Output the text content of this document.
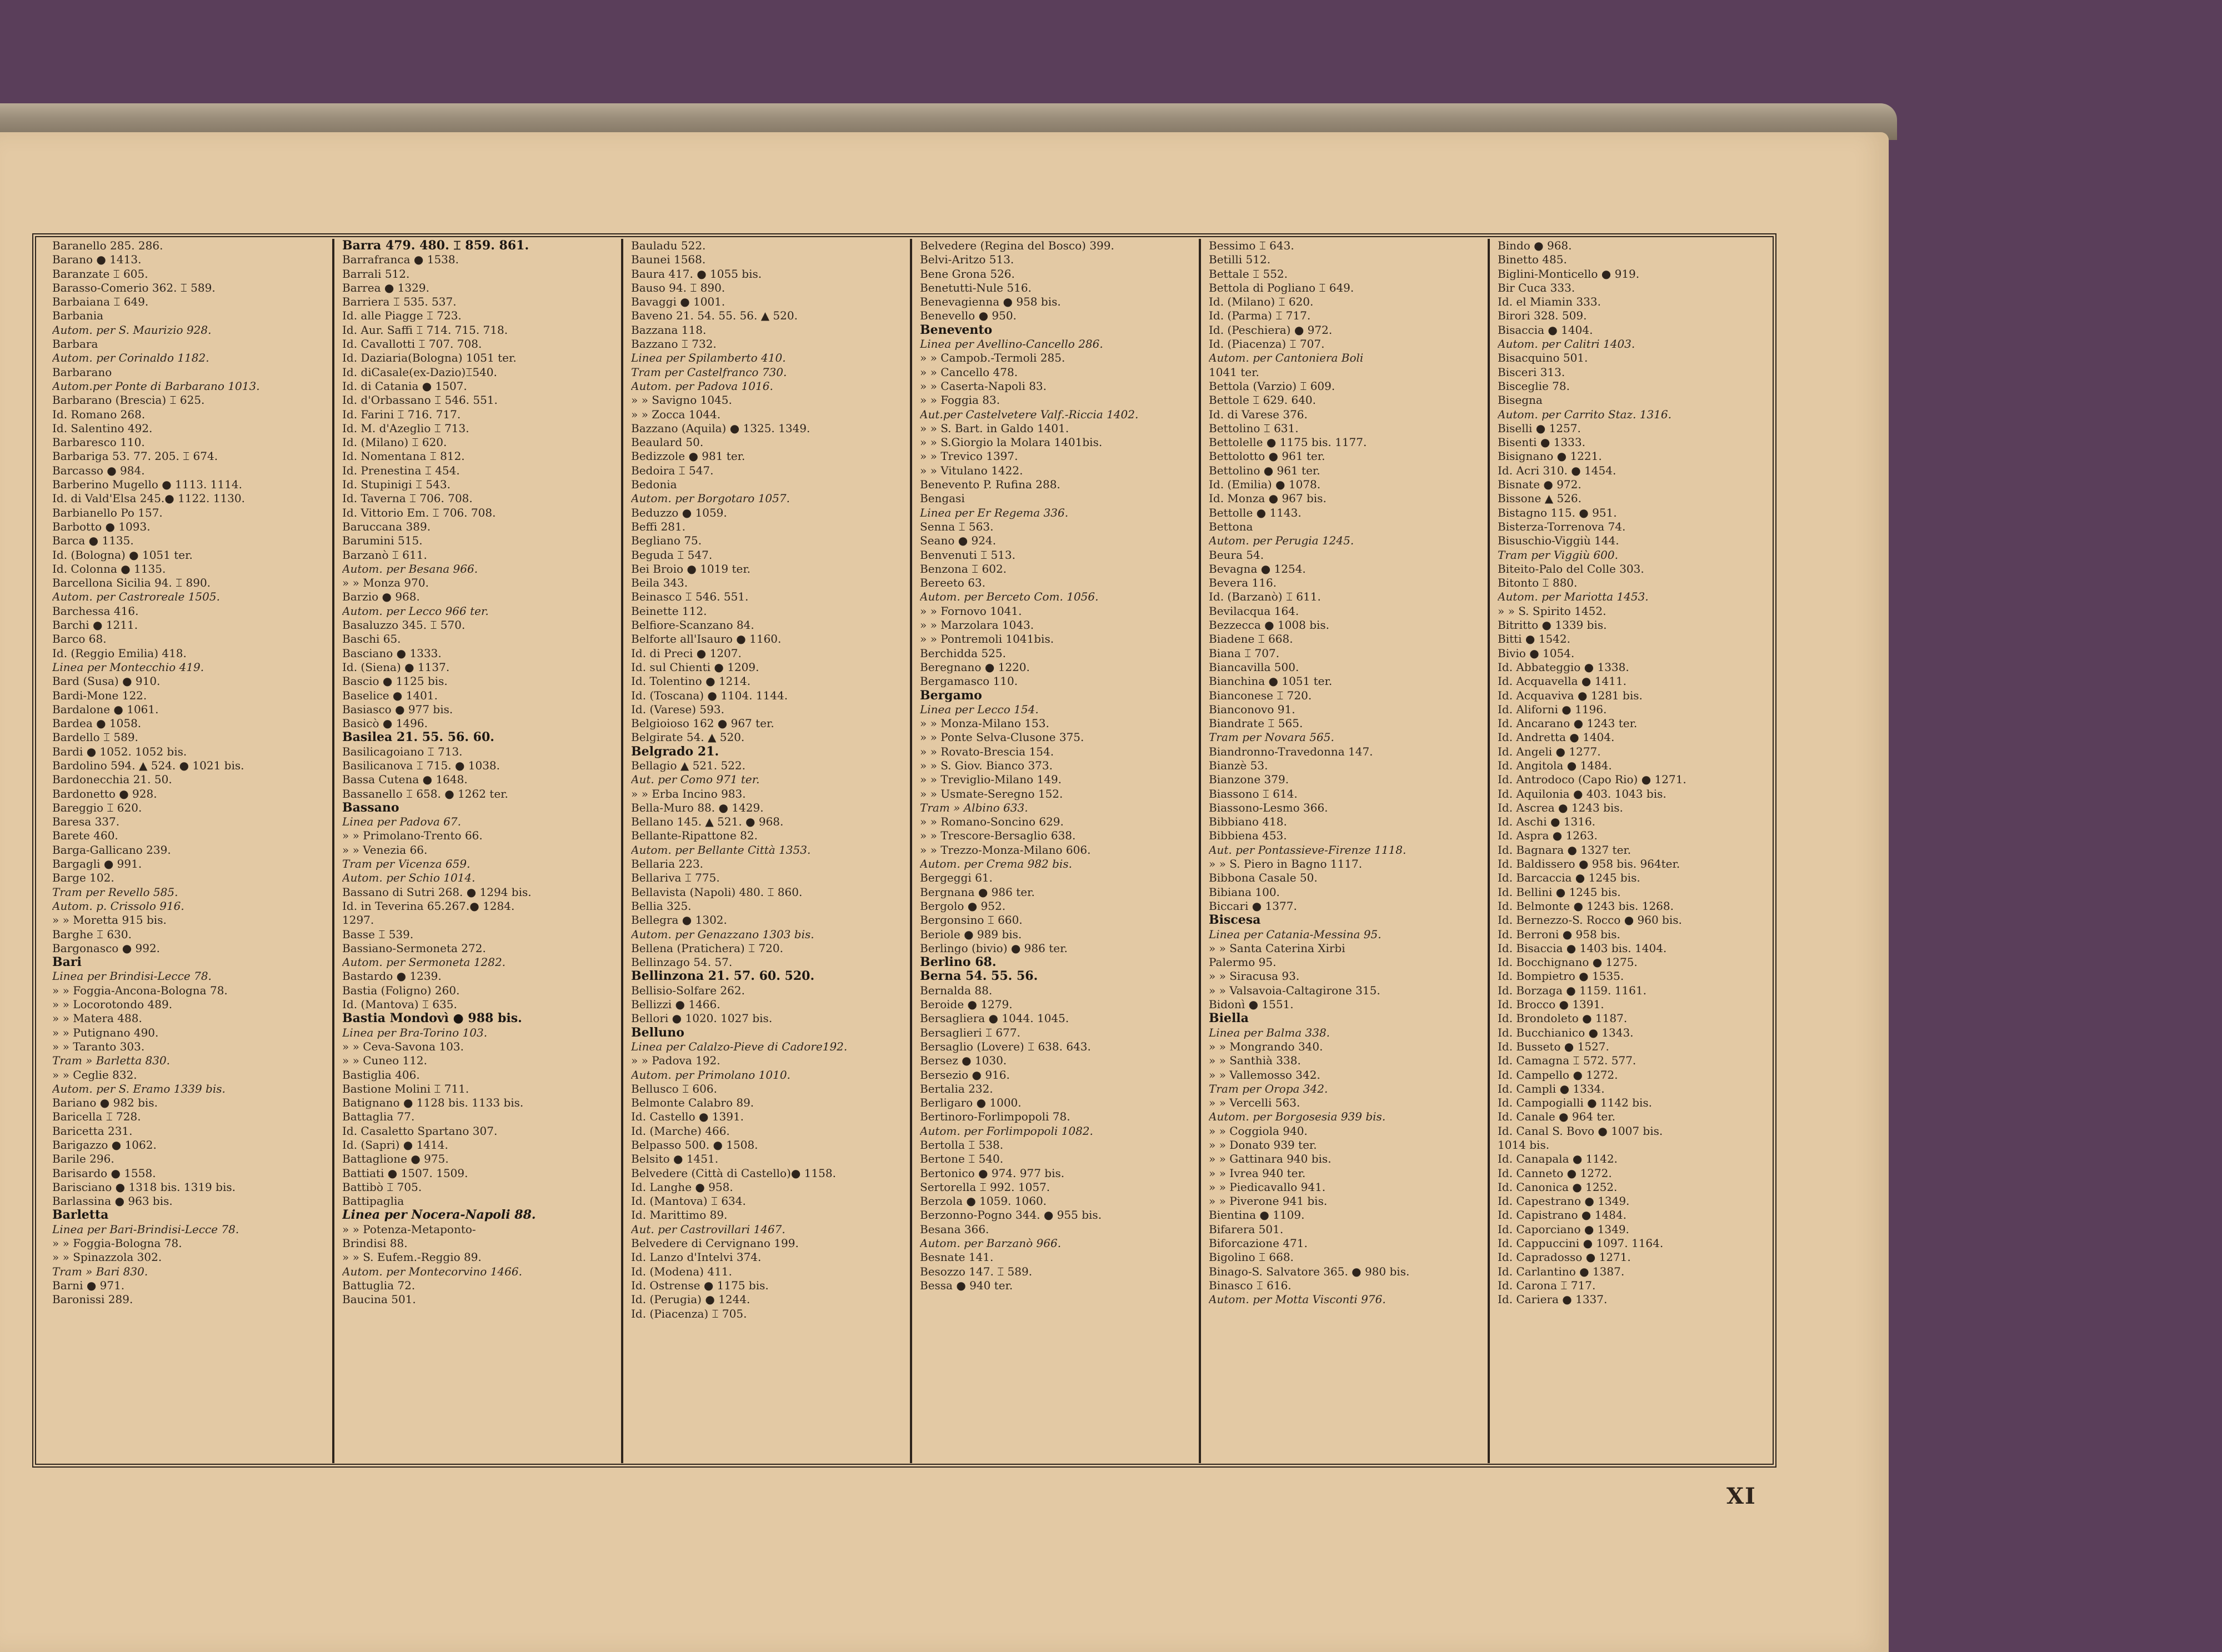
Baranello 285. 286.
Barano ● 1413.
Baranzate ⌶ 605.
Barasso-Comerio 362. ⌶ 589.
Barbaiana ⌶ 649.
Barbania
Autom. per S. Maurizio 928.
Barbara
Autom. per Corinaldo 1182.
Barbarano
Autom.per Ponte di Barbarano 1013.
Barbarano (Brescia) ⌶ 625.
Id. Romano 268.
Id. Salentino 492.
Barbaresco 110.
Barbariga 53. 77. 205. ⌶ 674.
Barcasso ● 984.
Barberino Mugello ● 1113. 1114.
Id. di Vald'Elsa 245.● 1122. 1130.
Barbianello Po 157.
Barbotto ● 1093.
Barca ● 1135.
Id. (Bologna) ● 1051 ter.
Id. Colonna ● 1135.
Barcellona Sicilia 94. ⌶ 890.
Autom. per Castroreale 1505.
Barchessa 416.
Barchi ● 1211.
Barco 68.
Id. (Reggio Emilia) 418.
Linea per Montecchio 419.
Bard (Susa) ● 910.
Bardi-Mone 122.
Bardalone ● 1061.
Bardea ● 1058.
Bardello ⌶ 589.
Bardi ● 1052. 1052 bis.
Bardolino 594. ▲ 524. ● 1021 bis.
Bardonecchia 21. 50.
Bardonetto ● 928.
Bareggio ⌶ 620.
Baresa 337.
Barete 460.
Barga-Gallicano 239.
Bargagli ● 991.
Barge 102.
Tram per Revello 585.
Autom. p. Crissolo 916.
» » Moretta 915 bis.
Barghe ⌶ 630.
Bargonasco ● 992.
Bari
Linea per Brindisi-Lecce 78.
» » Foggia-Ancona-Bologna 78.
» » Locorotondo 489.
» » Matera 488.
» » Putignano 490.
» » Taranto 303.
Tram » Barletta 830.
» » Ceglie 832.
Autom. per S. Eramo 1339 bis.
Bariano ● 982 bis.
Baricella ⌶ 728.
Baricetta 231.
Barigazzo ● 1062.
Barile 296.
Barisardo ● 1558.
Barisciano ● 1318 bis. 1319 bis.
Barlassina ● 963 bis.
Barletta
Linea per Bari-Brindisi-Lecce 78.
» » Foggia-Bologna 78.
» » Spinazzola 302.
Tram » Bari 830.
Barni ● 971.
Baronissi 289.
Barra 479. 480. ⌶ 859. 861.
Barrafranca ● 1538.
Barrali 512.
Barrea ● 1329.
Barriera ⌶ 535. 537.
Id. alle Piagge ⌶ 723.
Id. Aur. Saffi ⌶ 714. 715. 718.
Id. Cavallotti ⌶ 707. 708.
Id. Daziaria(Bologna) 1051 ter.
Id. diCasale(ex-Dazio)⌶540.
Id. di Catania ● 1507.
Id. d'Orbassano ⌶ 546. 551.
Id. Farini ⌶ 716. 717.
Id. M. d'Azeglio ⌶ 713.
Id. (Milano) ⌶ 620.
Id. Nomentana ⌶ 812.
Id. Prenestina ⌶ 454.
Id. Stupinigi ⌶ 543.
Id. Taverna ⌶ 706. 708.
Id. Vittorio Em. ⌶ 706. 708.
Baruccana 389.
Barumini 515.
Barzanò ⌶ 611.
Autom. per Besana 966.
» » Monza 970.
Barzio ● 968.
Autom. per Lecco 966 ter.
Basaluzzo 345. ⌶ 570.
Baschi 65.
Basciano ● 1333.
Id. (Siena) ● 1137.
Bascio ● 1125 bis.
Baselice ● 1401.
Basiasco ● 977 bis.
Basicò ● 1496.
Basilea 21. 55. 56. 60.
Basilicagoiano ⌶ 713.
Basilicanova ⌶ 715. ● 1038.
Bassa Cutena ● 1648.
Bassanello ⌶ 658. ● 1262 ter.
Bassano
Linea per Padova 67.
» » Primolano-Trento 66.
» » Venezia 66.
Tram per Vicenza 659.
Autom. per Schio 1014.
Bassano di Sutri 268. ● 1294 bis.
Id. in Teverina 65.267.● 1284.
1297.
Basse ⌶ 539.
Bassiano-Sermoneta 272.
Autom. per Sermoneta 1282.
Bastardo ● 1239.
Bastia (Foligno) 260.
Id. (Mantova) ⌶ 635.
Bastia Mondovì ● 988 bis.
Linea per Bra-Torino 103.
» » Ceva-Savona 103.
» » Cuneo 112.
Bastiglia 406.
Bastione Molini ⌶ 711.
Batignano ● 1128 bis. 1133 bis.
Battaglia 77.
Id. Casaletto Spartano 307.
Id. (Sapri) ● 1414.
Battaglione ● 975.
Battiati ● 1507. 1509.
Battibò ⌶ 705.
Battipaglia
Linea per Nocera-Napoli 88.
» » Potenza-Metaponto-
Brindisi 88.
» » S. Eufem.-Reggio 89.
Autom. per Montecorvino 1466.
Battuglia 72.
Baucina 501.
Bauladu 522.
Baunei 1568.
Baura 417. ● 1055 bis.
Bauso 94. ⌶ 890.
Bavaggi ● 1001.
Baveno 21. 54. 55. 56. ▲ 520.
Bazzana 118.
Bazzano ⌶ 732.
Linea per Spilamberto 410.
Tram per Castelfranco 730.
Autom. per Padova 1016.
» » Savigno 1045.
» » Zocca 1044.
Bazzano (Aquila) ● 1325. 1349.
Beaulard 50.
Bedizzole ● 981 ter.
Bedoira ⌶ 547.
Bedonia
Autom. per Borgotaro 1057.
Beduzzo ● 1059.
Beffi 281.
Begliano 75.
Beguda ⌶ 547.
Bei Broio ● 1019 ter.
Beila 343.
Beinasco ⌶ 546. 551.
Beinette 112.
Belfiore-Scanzano 84.
Belforte all'Isauro ● 1160.
Id. di Preci ● 1207.
Id. sul Chienti ● 1209.
Id. Tolentino ● 1214.
Id. (Toscana) ● 1104. 1144.
Id. (Varese) 593.
Belgioioso 162 ● 967 ter.
Belgirate 54. ▲ 520.
Belgrado 21.
Bellagio ▲ 521. 522.
Aut. per Como 971 ter.
» » Erba Incino 983.
Bella-Muro 88. ● 1429.
Bellano 145. ▲ 521. ● 968.
Bellante-Ripattone 82.
Autom. per Bellante Città 1353.
Bellaria 223.
Bellariva ⌶ 775.
Bellavista (Napoli) 480. ⌶ 860.
Bellia 325.
Bellegra ● 1302.
Autom. per Genazzano 1303 bis.
Bellena (Pratichera) ⌶ 720.
Bellinzago 54. 57.
Bellinzona 21. 57. 60. 520.
Bellisio-Solfare 262.
Bellizzi ● 1466.
Bellori ● 1020. 1027 bis.
Belluno
Linea per Calalzo-Pieve di Cadore192.
» » Padova 192.
Autom. per Primolano 1010.
Bellusco ⌶ 606.
Belmonte Calabro 89.
Id. Castello ● 1391.
Id. (Marche) 466.
Belpasso 500. ● 1508.
Belsito ● 1451.
Belvedere (Città di Castello)● 1158.
Id. Langhe ● 958.
Id. (Mantova) ⌶ 634.
Id. Marittimo 89.
Aut. per Castrovillari 1467.
Belvedere di Cervignano 199.
Id. Lanzo d'Intelvi 374.
Id. (Modena) 411.
Id. Ostrense ● 1175 bis.
Id. (Perugia) ● 1244.
Id. (Piacenza) ⌶ 705.
Belvedere (Regina del Bosco) 399.
Belvi-Aritzo 513.
Bene Grona 526.
Benetutti-Nule 516.
Benevagienna ● 958 bis.
Benevello ● 950.
Benevento
Linea per Avellino-Cancello 286.
» » Campob.-Termoli 285.
» » Cancello 478.
» » Caserta-Napoli 83.
» » Foggia 83.
Aut.per Castelvetere Valf.-Riccia 1402.
» » S. Bart. in Galdo 1401.
» » S.Giorgio la Molara 1401bis.
» » Trevico 1397.
» » Vitulano 1422.
Benevento P. Rufina 288.
Bengasi
Linea per Er Regema 336.
Senna ⌶ 563.
Seano ● 924.
Benvenuti ⌶ 513.
Benzona ⌶ 602.
Bereeto 63.
Autom. per Berceto Com. 1056.
» » Fornovo 1041.
» » Marzolara 1043.
» » Pontremoli 1041bis.
Berchidda 525.
Beregnano ● 1220.
Bergamasco 110.
Bergamo
Linea per Lecco 154.
» » Monza-Milano 153.
» » Ponte Selva-Clusone 375.
» » Rovato-Brescia 154.
» » S. Giov. Bianco 373.
» » Treviglio-Milano 149.
» » Usmate-Seregno 152.
Tram » Albino 633.
» » Romano-Soncino 629.
» » Trescore-Bersaglio 638.
» » Trezzo-Monza-Milano 606.
Autom. per Crema 982 bis.
Bergeggi 61.
Bergnana ● 986 ter.
Bergolo ● 952.
Bergonsino ⌶ 660.
Beriole ● 989 bis.
Berlingo (bivio) ● 986 ter.
Berlino 68.
Berna 54. 55. 56.
Bernalda 88.
Beroide ● 1279.
Bersagliera ● 1044. 1045.
Bersaglieri ⌶ 677.
Bersaglio (Lovere) ⌶ 638. 643.
Bersez ● 1030.
Bersezio ● 916.
Bertalia 232.
Berligaro ● 1000.
Bertinoro-Forlimpopoli 78.
Autom. per Forlimpopoli 1082.
Bertolla ⌶ 538.
Bertone ⌶ 540.
Bertonico ● 974. 977 bis.
Sertorella ⌶ 992. 1057.
Berzola ● 1059. 1060.
Berzonno-Pogno 344. ● 955 bis.
Besana 366.
Autom. per Barzanò 966.
Besnate 141.
Besozzo 147. ⌶ 589.
Bessa ● 940 ter.
Bessimo ⌶ 643.
Betilli 512.
Bettale ⌶ 552.
Bettola di Pogliano ⌶ 649.
Id. (Milano) ⌶ 620.
Id. (Parma) ⌶ 717.
Id. (Peschiera) ● 972.
Id. (Piacenza) ⌶ 707.
Autom. per Cantoniera Boli
1041 ter.
Bettola (Varzio) ⌶ 609.
Bettole ⌶ 629. 640.
Id. di Varese 376.
Bettolino ⌶ 631.
Bettolelle ● 1175 bis. 1177.
Bettolotto ● 961 ter.
Bettolino ● 961 ter.
Id. (Emilia) ● 1078.
Id. Monza ● 967 bis.
Bettolle ● 1143.
Bettona
Autom. per Perugia 1245.
Beura 54.
Bevagna ● 1254.
Bevera 116.
Id. (Barzanò) ⌶ 611.
Bevilacqua 164.
Bezzecca ● 1008 bis.
Biadene ⌶ 668.
Biana ⌶ 707.
Biancavilla 500.
Bianchina ● 1051 ter.
Bianconese ⌶ 720.
Bianconovo 91.
Biandrate ⌶ 565.
Tram per Novara 565.
Biandronno-Travedonna 147.
Bianzè 53.
Bianzone 379.
Biassono ⌶ 614.
Biassono-Lesmo 366.
Bibbiano 418.
Bibbiena 453.
Aut. per Pontassieve-Firenze 1118.
» » S. Piero in Bagno 1117.
Bibbona Casale 50.
Bibiana 100.
Biccari ● 1377.
Biscesa
Linea per Catania-Messina 95.
» » Santa Caterina Xirbi
Palermo 95.
» » Siracusa 93.
» » Valsavoia-Caltagirone 315.
Bidonì ● 1551.
Biella
Linea per Balma 338.
» » Mongrando 340.
» » Santhià 338.
» » Vallemosso 342.
Tram per Oropa 342.
» » Vercelli 563.
Autom. per Borgosesia 939 bis.
» » Coggiola 940.
» » Donato 939 ter.
» » Gattinara 940 bis.
» » Ivrea 940 ter.
» » Piedicavallo 941.
» » Piverone 941 bis.
Bientina ● 1109.
Bifarera 501.
Biforcazione 471.
Bigolino ⌶ 668.
Binago-S. Salvatore 365. ● 980 bis.
Binasco ⌶ 616.
Autom. per Motta Visconti 976.
Bindo ● 968.
Binetto 485.
Biglini-Monticello ● 919.
Bir Cuca 333.
Id. el Miamin 333.
Birori 328. 509.
Bisaccia ● 1404.
Autom. per Calitri 1403.
Bisacquino 501.
Bisceri 313.
Bisceglie 78.
Bisegna
Autom. per Carrito Staz. 1316.
Biselli ● 1257.
Bisenti ● 1333.
Bisignano ● 1221.
Id. Acri 310. ● 1454.
Bisnate ● 972.
Bissone ▲ 526.
Bistagno 115. ● 951.
Bisterza-Torrenova 74.
Bisuschio-Viggiù 144.
Tram per Viggiù 600.
Biteito-Palo del Colle 303.
Bitonto ⌶ 880.
Autom. per Mariotta 1453.
» » S. Spirito 1452.
Bitritto ● 1339 bis.
Bitti ● 1542.
Bivio ● 1054.
Id. Abbateggio ● 1338.
Id. Acquavella ● 1411.
Id. Acquaviva ● 1281 bis.
Id. Aliforni ● 1196.
Id. Ancarano ● 1243 ter.
Id. Andretta ● 1404.
Id. Angeli ● 1277.
Id. Angitola ● 1484.
Id. Antrodoco (Capo Rio) ● 1271.
Id. Aquilonia ● 403. 1043 bis.
Id. Ascrea ● 1243 bis.
Id. Aschi ● 1316.
Id. Aspra ● 1263.
Id. Bagnara ● 1327 ter.
Id. Baldissero ● 958 bis. 964ter.
Id. Barcaccia ● 1245 bis.
Id. Bellini ● 1245 bis.
Id. Belmonte ● 1243 bis. 1268.
Id. Bernezzo-S. Rocco ● 960 bis.
Id. Berroni ● 958 bis.
Id. Bisaccia ● 1403 bis. 1404.
Id. Bocchignano ● 1275.
Id. Bompietro ● 1535.
Id. Borzaga ● 1159. 1161.
Id. Brocco ● 1391.
Id. Brondoleto ● 1187.
Id. Bucchianico ● 1343.
Id. Busseto ● 1527.
Id. Camagna ⌶ 572. 577.
Id. Campello ● 1272.
Id. Campli ● 1334.
Id. Campogialli ● 1142 bis.
Id. Canale ● 964 ter.
Id. Canal S. Bovo ● 1007 bis.
1014 bis.
Id. Canapala ● 1142.
Id. Canneto ● 1272.
Id. Canonica ● 1252.
Id. Capestrano ● 1349.
Id. Capistrano ● 1484.
Id. Caporciano ● 1349.
Id. Cappuccini ● 1097. 1164.
Id. Capradosso ● 1271.
Id. Carlantino ● 1387.
Id. Carona ⌶ 717.
Id. Cariera ● 1337.
XI
